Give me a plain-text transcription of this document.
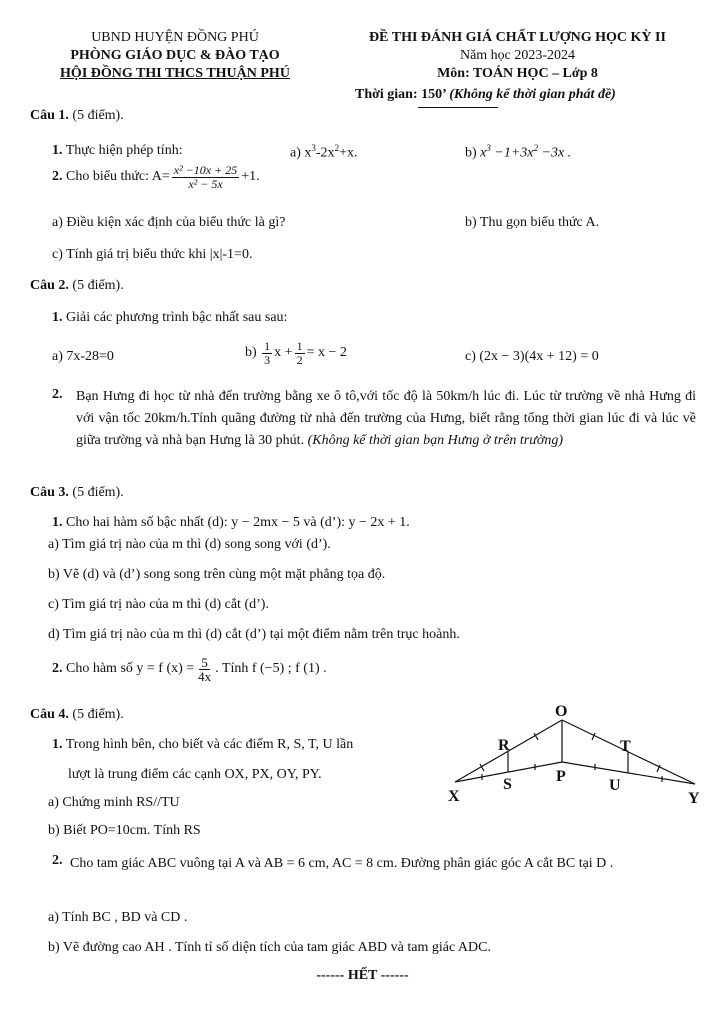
UBND HUYỆN ĐỒNG PHÚ
PHÒNG GIÁO DỤC & ĐÀO TẠO
HỘI ĐỒNG THI THCS THUẬN PHÚ
ĐỀ THI ĐÁNH GIÁ CHẤT LƯỢNG HỌC KỲ II
Năm học 2023-2024
Môn: TOÁN HỌC – Lớp 8
Thời gian: 150’ (Không kể thời gian phát đề)
Câu 1. (5 điểm).
1. Thực hiện phép tính:	a) $x^3-2x^2+x$.	b) $x^3 -1+3x^2 -3x$ .
2.
Cho biểu thức: $A= \frac{\text{x² −10x + 25}}{\text{x² − 5x}} +1$.
a) Điều kiện xác định của biểu thức là gì?	b) Thu gọn biểu thức A.
c) Tính giá trị biểu thức khi |x|-1=0.
Câu 2. (5 điểm).
1. Giải các phương trình bậc nhất sau sau:
a) 7x-28=0	b)
$\frac{1}{3}$ $x + \frac{1}{2} = x - 2$	c) (2x − 3)(4x + 12) = 0
2. Bạn Hưng đi học từ nhà đến trường bằng xe ô tô,với tốc độ là 50km/h lúc đi. Lúc từ trường về nhà Hưng đi với vận tốc 20km/h.Tính quãng đường từ nhà đến trường của Hưng, biết rằng tổng thời gian lúc đi và lúc về giữa trường và nhà bạn Hưng là 30 phút. (Không kể thời gian bạn Hưng ở trên trường)
Câu 3. (5 điểm).
1. Cho hai hàm số bậc nhất (d): y − 2mx − 5 và (d’): y − 2x + 1.
a) Tìm giá trị nào của m thì (d) song song với (d’).
b) Vẽ (d) và (d’) song song trên cùng một mặt phẳng tọa độ.
c) Tìm giá trị nào của m thì (d) cắt (d’).
d) Tìm giá trị nào của m thì (d) cắt (d’) tại một điểm nằm trên trục hoành.
2.
Cho hàm số y = f $(x) = \frac{5}{4x}$ . Tính f (−5) ; f (1) .
Câu 4. (5 điểm).
1. Trong hình bên, cho biết và các điểm R, S, T, U lần
lượt là trung điểm các cạnh OX, PX, OY, PY.
a) Chứng minh RS//TU
b) Biết PO=10cm. Tính RS
2. Cho tam giác ABC vuông tại A và AB = 6 cm, AC = 8 cm. Đường phân giác góc A cắt BC tại D .
a) Tính BC , BD và CD .
b) Vẽ đường cao AH . Tính tỉ số diện tích của tam giác ABD và tam giác ADC.
O
R	T
S	P
U
X	Y
------ HẾT ------
